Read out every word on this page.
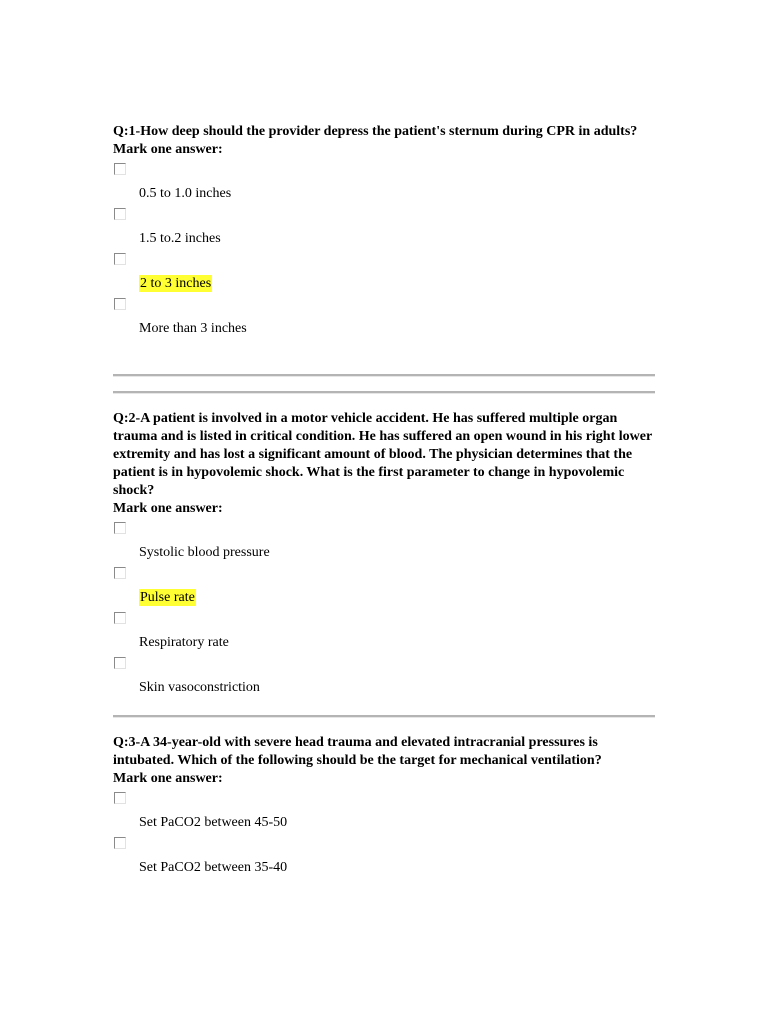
Q:1-How deep should the provider depress the patient's sternum during CPR in adults?

Mark one answer:

0.5 to 1.0 inches
1.5 to.2 inches
2 to 3 inches
More than 3 inches

Q:2-A patient is involved in a motor vehicle accident. He has suffered multiple organ trauma and is listed in critical condition. He has suffered an open wound in his right lower extremity and has lost a significant amount of blood. The physician determines that the patient is in hypovolemic shock. What is the first parameter to change in hypovolemic shock?

Mark one answer:

Systolic blood pressure
Pulse rate
Respiratory rate
Skin vasoconstriction

Q:3-A 34-year-old with severe head trauma and elevated intracranial pressures is intubated. Which of the following should be the target for mechanical ventilation?

Mark one answer:

Set PaCO2 between 45-50
Set PaCO2 between 35-40
